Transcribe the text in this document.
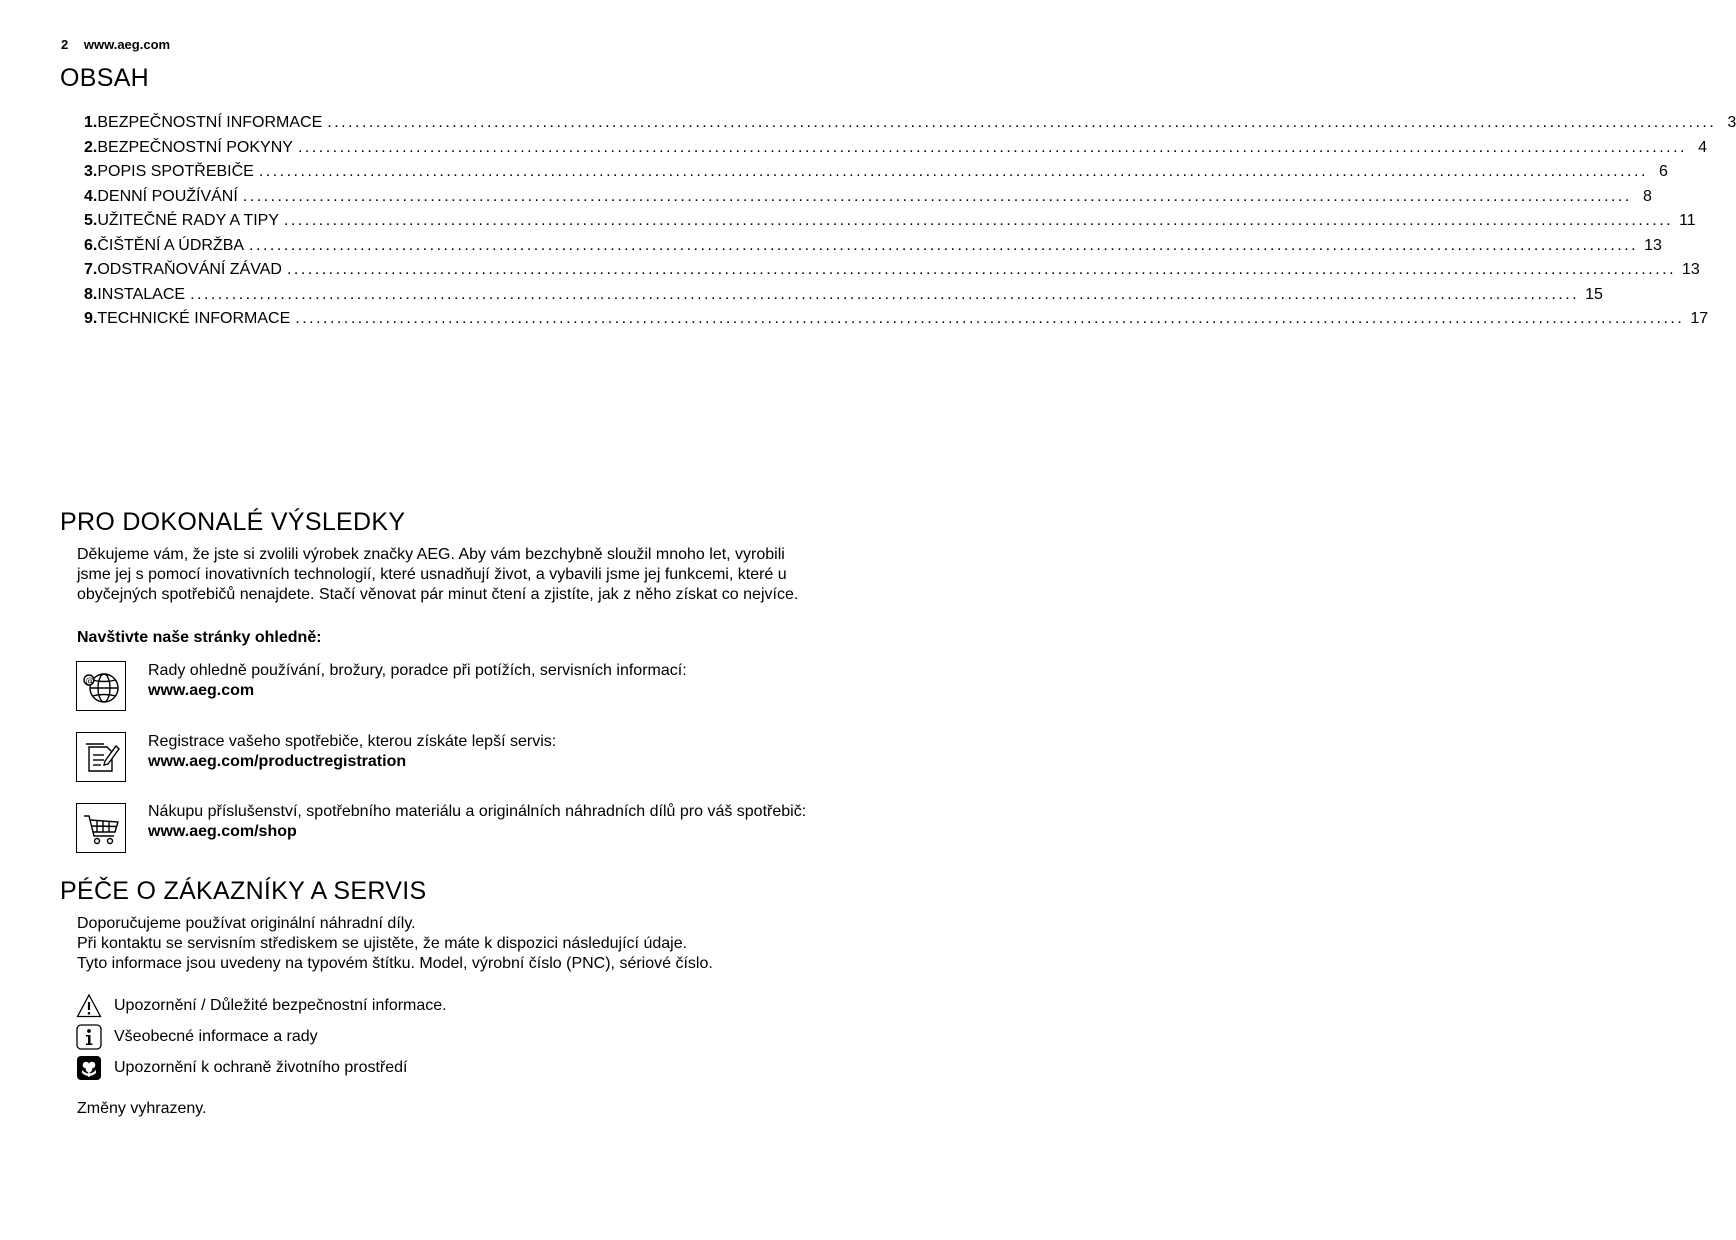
2 www.aeg.com
OBSAH
1. BEZPEČNOSTNÍ INFORMACE ........................................................................................................................................................................................................ 3
2. BEZPEČNOSTNÍ POKYNY ........................................................................................................................................................................................................ 4
3. POPIS SPOTŘEBIČE ........................................................................................................................................................................................................ 6
4. DENNÍ POUŽÍVÁNÍ ........................................................................................................................................................................................................ 8
5. UŽITEČNÉ RADY A TIPY ........................................................................................................................................................................................................ 11
6. ČIŠTĚNÍ A ÚDRŽBA ........................................................................................................................................................................................................ 13
7. ODSTRAŇOVÁNÍ ZÁVAD ........................................................................................................................................................................................................ 13
8. INSTALACE ........................................................................................................................................................................................................ 15
9. TECHNICKÉ INFORMACE ........................................................................................................................................................................................................ 17
PRO DOKONALÉ VÝSLEDKY

Děkujeme vám, že jste si zvolili výrobek značky AEG. Aby vám bezchybně sloužil mnoho let, vyrobili jsme jej s pomocí inovativních technologií, které usnadňují život, a vybavili jsme jej funkcemi, které u obyčejných spotřebičů nenajdete. Stačí věnovat pár minut čtení a zjistíte, jak z něho získat co nejvíce.

Navštivte naše stránky ohledně:

@

Rady ohledně používání, brožury, poradce při potížích, servisních informací:
www.aeg.com

Registrace vašeho spotřebiče, kterou získáte lepší servis:
www.aeg.com/productregistration

Nákupu příslušenství, spotřebního materiálu a originálních náhradních dílů pro váš spotřebič:
www.aeg.com/shop

PÉČE O ZÁKAZNÍKY A SERVIS

Doporučujeme používat originální náhradní díly.

Při kontaktu se servisním střediskem se ujistěte, že máte k dispozici následující údaje.

Tyto informace jsou uvedeny na typovém štítku. Model, výrobní číslo (PNC), sériové číslo.

Upozornění / Důležité bezpečnostní informace.
Všeobecné informace a rady
Upozornění k ochraně životního prostředí

Změny vyhrazeny.
